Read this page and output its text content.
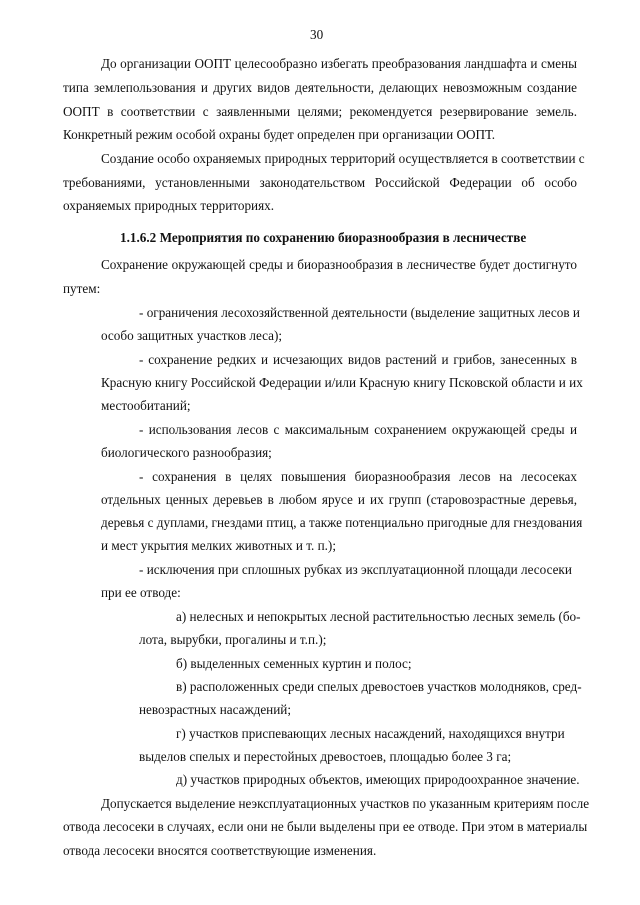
30
До организации ООПТ целесообразно избегать преобразования ландшафта и смены
типа землепользования и других видов деятельности, делающих невозможным создание
ООПТ в соответствии с заявленными целями; рекомендуется резервирование земель.
Конкретный режим особой охраны будет определен при организации ООПТ.
Создание особо охраняемых природных территорий осуществляется в соответствии с
требованиями, установленными законодательством Российской Федерации об особо
охраняемых природных территориях.
1.1.6.2 Мероприятия по сохранению биоразнообразия в лесничестве
Сохранение окружающей среды и биоразнообразия в лесничестве будет достигнуто
путем:
- ограничения лесохозяйственной деятельности (выделение защитных лесов и
особо защитных участков леса);
- сохранение редких и исчезающих видов растений и грибов, занесенных в
Красную книгу Российской Федерации и/или Красную книгу Псковской области и их
местообитаний;
- использования лесов с максимальным сохранением окружающей среды и
биологического разнообразия;
- сохранения в целях повышения биоразнообразия лесов на лесосеках
отдельных ценных деревьев в любом ярусе и их групп (старовозрастные деревья,
деревья с дуплами, гнездами птиц, а также потенциально пригодные для гнездования
и мест укрытия мелких животных и т. п.);
- исключения при сплошных рубках из эксплуатационной площади лесосеки
при ее отводе:
а) нелесных и непокрытых лесной растительностью лесных земель (бо-
лота, вырубки, прогалины и т.п.);
б) выделенных семенных куртин и полос;
в) расположенных среди спелых древостоев участков молодняков, сред-
невозрастных насаждений;
г) участков приспевающих лесных насаждений, находящихся внутри
выделов спелых и перестойных древостоев, площадью более 3 га;
д) участков природных объектов, имеющих природоохранное значение.
Допускается выделение неэксплуатационных участков по указанным критериям после
отвода лесосеки в случаях, если они не были выделены при ее отводе. При этом в материалы
отвода лесосеки вносятся соответствующие изменения.
